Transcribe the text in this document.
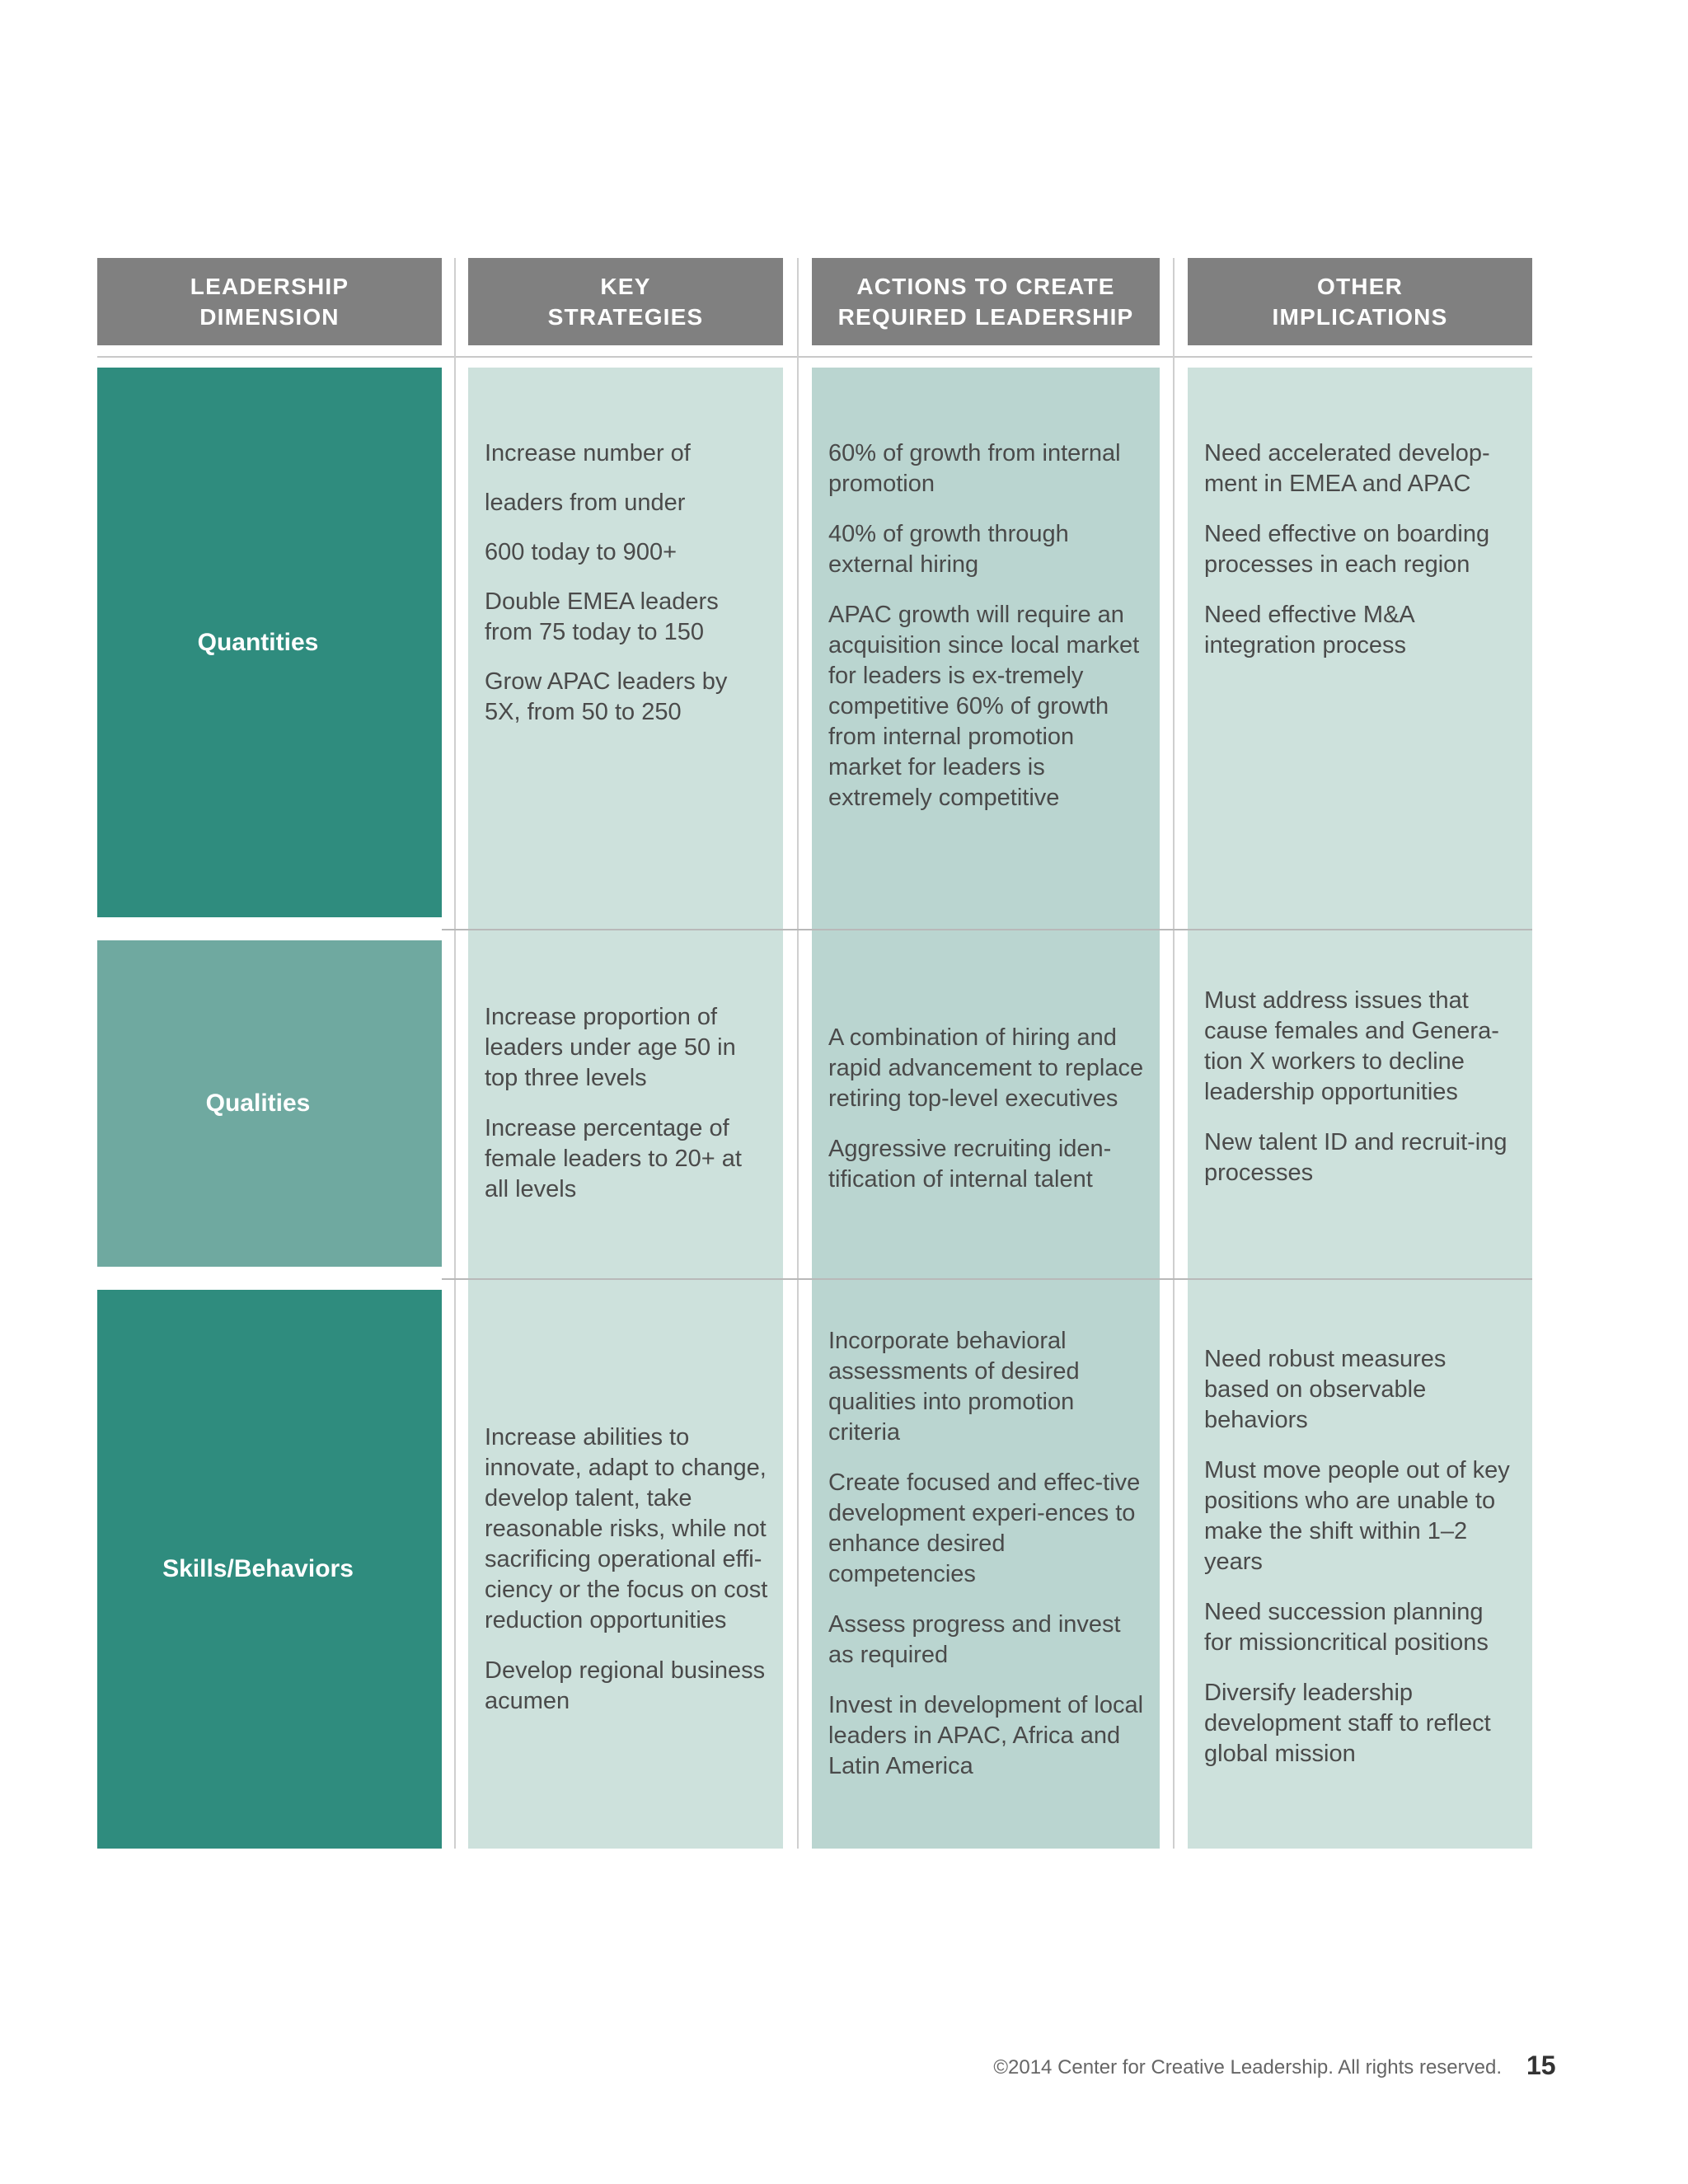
LEADERSHIP
DIMENSION
KEY
STRATEGIES
ACTIONS TO CREATE
REQUIRED LEADERSHIP
OTHER
IMPLICATIONS
Quantities

Increase number of

leaders from under

600 today to 900+

Double EMEA leaders from 75 today to 150

Grow APAC leaders by 5X, from 50 to 250

60% of growth from internal promotion

40% of growth through external hiring

APAC growth will require an acquisition since local market for leaders is ex-tremely competitive 60% of growth from internal promotion market for leaders is extremely competitive

Need accelerated develop-ment in EMEA and APAC

Need effective on boarding processes in each region

Need effective M&A integration process

Qualities

Increase proportion of leaders under age 50 in top three levels

Increase percentage of female leaders to 20+ at all levels

A combination of hiring and rapid advancement to replace retiring top-level executives

Aggressive recruiting iden-tification of internal talent

Must address issues that cause females and Genera-tion X workers to decline leadership opportunities

New talent ID and recruit-ing processes

Skills/Behaviors

Increase abilities to innovate, adapt to change, develop talent, take reasonable risks, while not sacrificing operational effi-ciency or the focus on cost reduction opportunities

Develop regional business acumen

Incorporate behavioral assessments of desired qualities into promotion criteria

Create focused and effec-tive development experi-ences to enhance desired competencies

Assess progress and invest as required

Invest in development of local leaders in APAC, Africa and Latin America

Need robust measures based on observable behaviors

Must move people out of key positions who are unable to make the shift within 1–2 years

Need succession planning for missioncritical positions

Diversify leadership development staff to reflect global mission

©2014 Center for Creative Leadership. All rights reserved. 15
